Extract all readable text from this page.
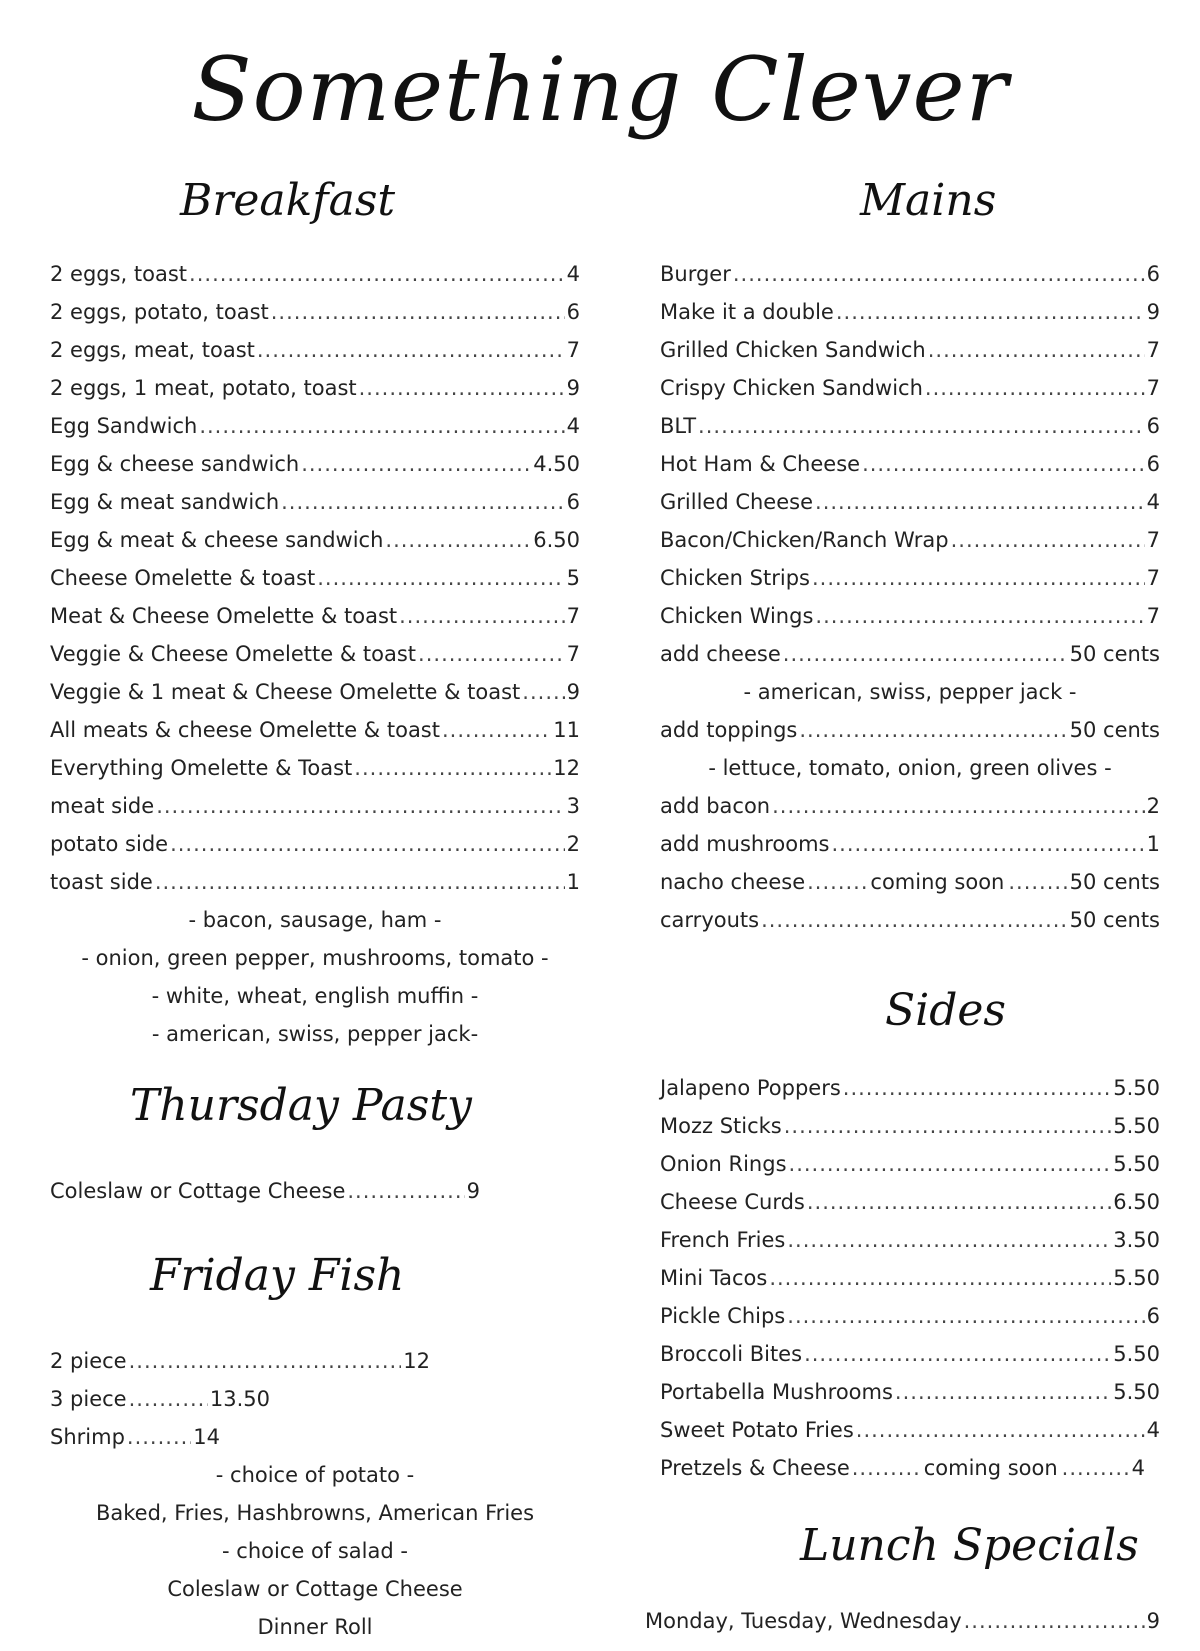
Something Clever
Breakfast
Thursday Pasty
Friday Fish
2 eggs, toast .....	4
2 eggs, potato, toast .....	6
2 eggs, meat, toast .....	7
2 eggs, 1 meat, potato, toast .....	9
Egg Sandwich .....	4
Egg & cheese sandwich .....	4.50
Egg & meat sandwich .....	6
Egg & meat & cheese sandwich .....	6.50
Cheese Omelette & toast .....	5
Meat & Cheese Omelette & toast .....	7
Veggie & Cheese Omelette & toast .....	7
Veggie & 1 meat & Cheese Omelette & toast ..... 9
All meats & cheese Omelette & toast .....	11
Everything Omelette & Toast .....	12
meat side .....	3
potato side .....	2
toast side .....	1
- bacon, sausage, ham -
- onion, green pepper, mushrooms, tomato -
- white, wheat, english muffin -
- american, swiss, pepper jack-
Coleslaw or Cottage Cheese .....	9
2 piece .....	12
3 piece .....	13.50
Shrimp .....	14
- choice of potato -
Baked, Fries, Hashbrowns, American Fries
- choice of salad -
Coleslaw or Cottage Cheese
Dinner Roll
Mains
Sides
Lunch Specials
Burger .....	6
Make it a double .....	9
Grilled Chicken Sandwich .....	7
Crispy Chicken Sandwich .....	7
BLT .....	6
Hot Ham & Cheese .....	6
Grilled Cheese .....	4
Bacon/Chicken/Ranch Wrap .....	7
Chicken Strips .....	7
Chicken Wings .....	7
add cheese .....	50 cents
- american, swiss, pepper jack -
add toppings .....	50 cents
- lettuce, tomato, onion, green olives -
add bacon .....	2
add mushrooms .....	1
nacho cheese .....	coming soon .....	50 cents
carryouts .....	50 cents
Jalapeno Poppers .....	5.50
Mozz Sticks .....	5.50
Onion Rings .....	5.50
Cheese Curds .....	6.50
French Fries .....	3.50
Mini Tacos .....	5.50
Pickle Chips .....	6
Broccoli Bites .....	5.50
Portabella Mushrooms .....	5.50
Sweet Potato Fries .....	4
Pretzels & Cheese .....	coming soon .....	4
Monday, Tuesday, Wednesday .....	9
